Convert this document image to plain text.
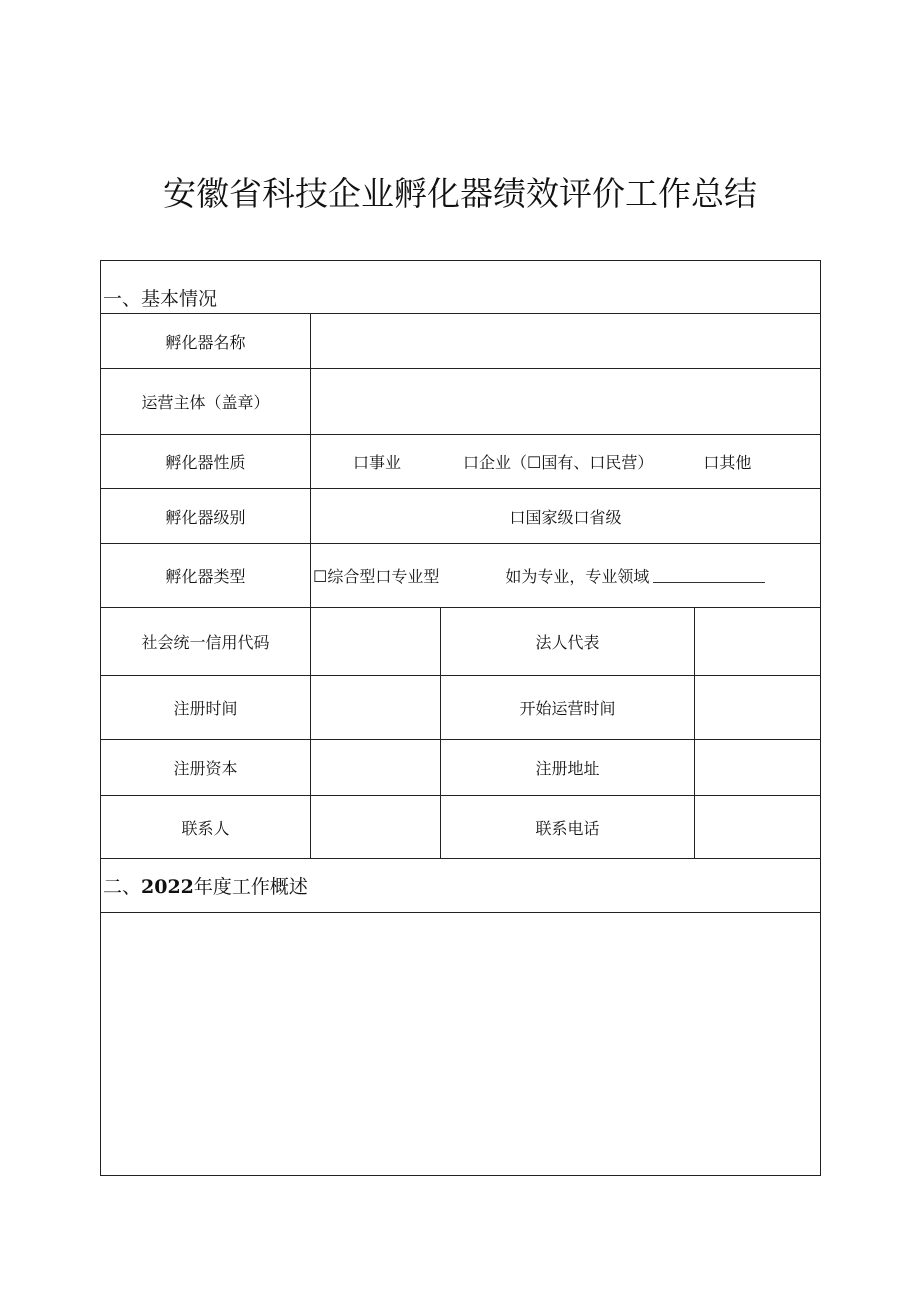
安徽省科技企业孵化器绩效评价工作总结
一、基本情况			
孵化器名称			
运营主体（盖章）			
孵化器性质	口事业 口企业（☐国有、口民营） 口其他		

孵化器级别	口国家级口省级		

孵化器类型	☐综合型口专业型 如为专业，专业领域		

社会统一信用代码		法人代表	
注册时间		开始运营时间	
注册资本		注册地址	
联系人		联系电话	
二、2022年度工作概述			
